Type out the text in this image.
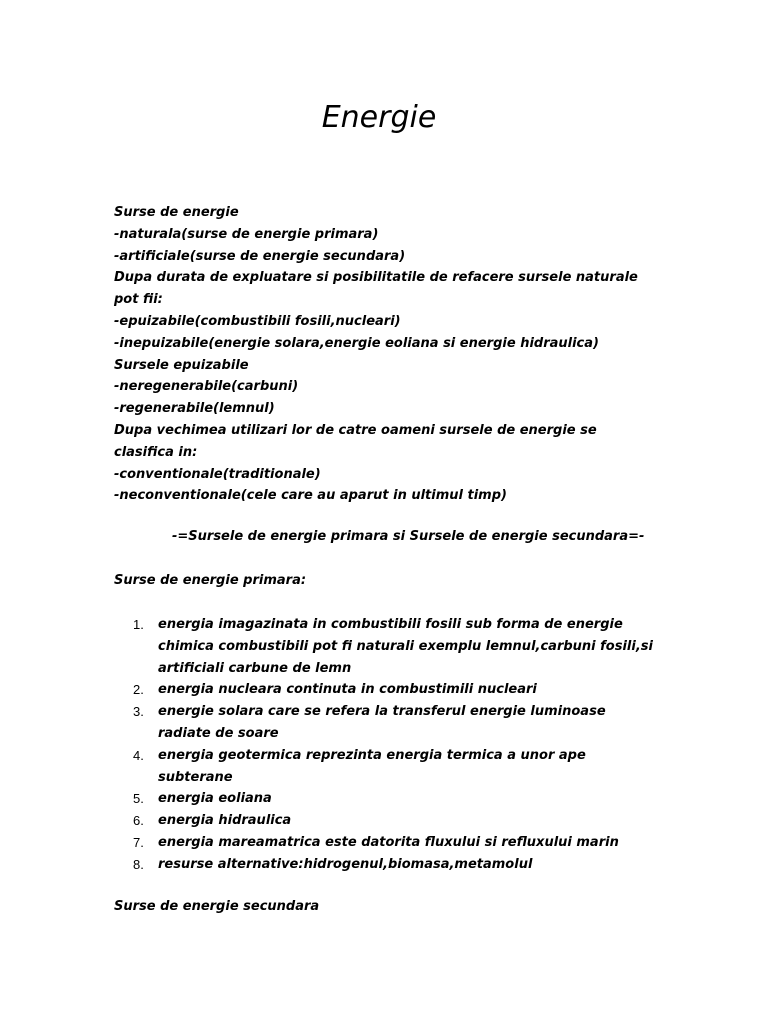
Energie
Surse de energie
-naturala(surse de energie primara)
-artificiale(surse de energie secundara)
Dupa durata de expluatare si posibilitatile de refacere sursele naturale
pot fii:
-epuizabile(combustibili fosili,nucleari)
-inepuizabile(energie solara,energie eoliana si energie hidraulica)
Sursele epuizabile
-neregenerabile(carbuni)
-regenerabile(lemnul)
Dupa vechimea utilizari lor de catre oameni sursele de energie se
clasifica in:
-conventionale(traditionale)
-neconventionale(cele care au aparut in ultimul timp)
-=Sursele de energie primara si Sursele de energie secundara=-
Surse de energie primara:
1. energia imagazinata in combustibili fosili sub forma de energie
chimica combustibili pot fi naturali exemplu lemnul,carbuni fosili,si
artificiali carbune de lemn
2. energia nucleara continuta in combustimili nucleari
3. energie solara care se refera la transferul energie luminoase
radiate de soare
4. energia geotermica reprezinta energia termica a unor ape
subterane
5. energia eoliana
6. energia hidraulica
7. energia mareamatrica este datorita fluxului si refluxului marin
8. resurse alternative:hidrogenul,biomasa,metamolul
Surse de energie secundara
